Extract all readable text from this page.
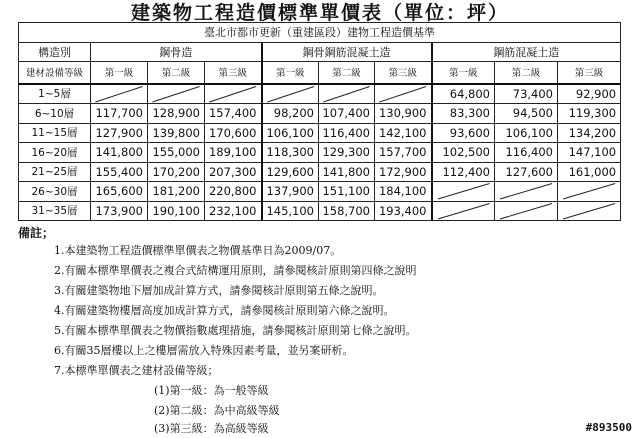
建築物工程造價標準單價表（單位：坪）
臺北市都市更新（重建區段）建物工程造價基準									
構造別	鋼骨造			鋼骨鋼筋混凝土造			鋼筋混凝土造		
建材設備等級	第一級	第二級	第三級	第一級	第二級	第三級	第一級	第二級	第三級
1~5層							64,800	73,400	92,900
6~10層	117,700	128,900	157,400	98,200	107,400	130,900	83,300	94,500	119,300
11~15層	127,900	139,800	170,600	106,100	116,400	142,100	93,600	106,100	134,200
16~20層	141,800	155,000	189,100	118,300	129,300	157,700	102,500	116,400	147,100
21~25層	155,400	170,200	207,300	129,600	141,800	172,900	112,400	127,600	161,000
26~30層	165,600	181,200	220,800	137,900	151,100	184,100	

31~35層	173,900	190,100	232,100	145,100	158,700	193,400	

備註；
1.本建築物工程造價標準單價表之物價基準日為2009/07。
2.有關本標準單價表之複合式結構運用原則，請參閱核計原則第四條之說明
3.有關建築物地下層加成計算方式，請參閱核計原則第五條之說明。
4.有關建築物樓層高度加成計算方式，請參閱核計原則第六條之說明。
5.有關本標準單價表之物價指數處理措施，請參閱核計原則第七條之說明。
6.有關35層樓以上之樓層需放入特殊因素考量，並另案研析。
7.本標準單價表之建材設備等級；
(1)第一級：為一般等級
(2)第二級：為中高級等級
(3)第三級：為高級等級	#893500
